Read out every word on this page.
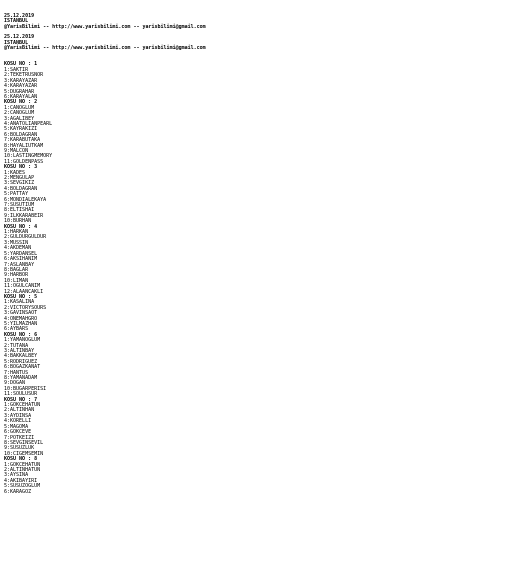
25.12.2019
ISTANBUL
@YarisBilimi -- http://www.yarisbilimi.com -- yarisbilimi@gmail.com

25.12.2019
ISTANBUL
@YarisBilimi -- http://www.yarisbilimi.com -- yarisbilimi@gmail.com

KOSU NO : 1
1:SAKTIR
2:TEKETRUSNOR
3:KARAYAZAR
4:KARAYAZAR
5:DUGRAHAR
6:KARAYALAN
KOSU NO : 2
1:CANOGLUM
2:CANOGLUM
3:AGALIBEY
4:ANATOLIANPEARL
5:KAYRAKIZI
6:BOLDAGRAN
7:KARABUTAKA
8:HAYALIUTKAM
9:MALCON
10:LASTINGMEMORY
11:GOLDENPASS
KOSU NO : 3
1:KADES
2:MENGULAP
3:SEVGIKIZ
4:BOLDAGRAN
5:PATTAY
6:MONDIALEKAYA
7:SUSUTIUM
8:ELTISHAI
9:ILKKARABEIR
10:BURHAN
KOSU NO : 4
1:HARKAN
2:GULDURGULDUR
3:MUSSIN
4:AKDEMAN
5:YARDANSEL
6:AKSIHANIM
7:ASLANBAY
8:BAGLAR
9:HARBOR
10:LIMAN
11:OGULCANIM
12:ALAANCAKLI
KOSU NO : 5
1:KASALINA
2:VICTORYSOURS
3:GAVINSAOT
4:ONEMAHGRO
5:YILMAZHAN
6:AYBARS
KOSU NO : 6
1:YAMANOGLUM
2:TUTANA
3:ALTINBAY
4:BAKKALBEY
5:RODRIGUEZ
6:BOGAZKANAT
7:HANTUS
8:YAMANADAM
9:DOGAN
10:BUGARPERISI
11:SOULUSUR
KOSU NO : 7
1:GOKCEHATUN
2:ALTINHAN
3:AYDINSA
4:KORELLI
5:MAGOMA
6:GOKCEVE
7:POTKEIZI
8:SEVGINSEVIL
9:SUSUZLUK
10:CIGEMSEMIN
KOSU NO : 8
1:GOKCEHATUN
2:ALTINHATUN
3:AYSINA
4:AKIBAYIRI
5:SUSUZOGLUM
6:KARAGOZ
